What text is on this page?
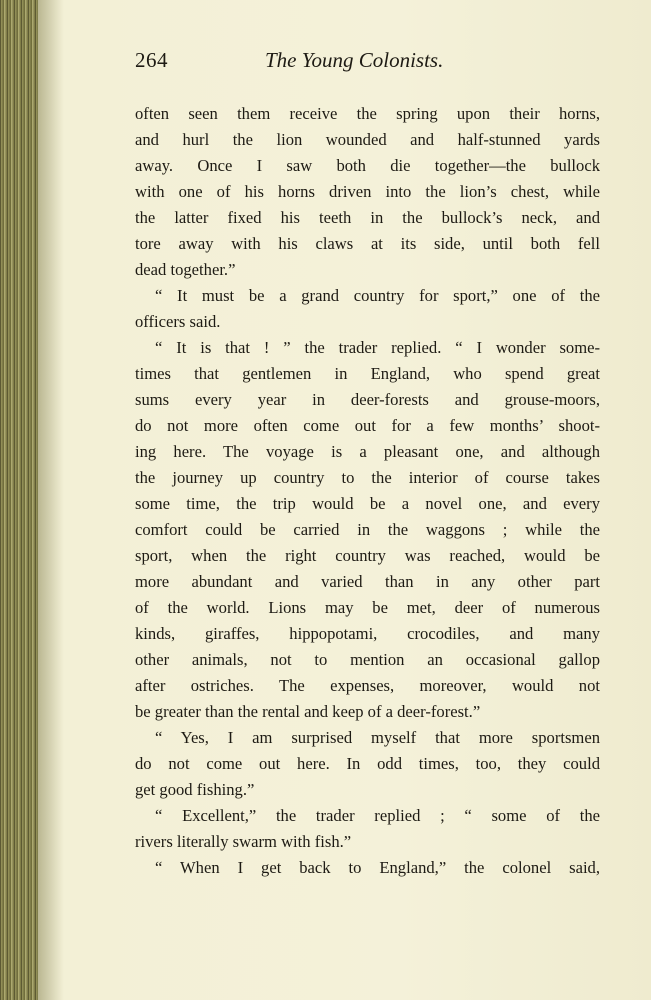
264	The Young Colonists.
often seen them receive the spring upon their horns,
and hurl the lion wounded and half-stunned yards
away. Once I saw both die together—the bullock
with one of his horns driven into the lion’s chest, while
the latter fixed his teeth in the bullock’s neck, and
tore away with his claws at its side, until both fell
dead together.”
“ It must be a grand country for sport,” one of the
officers said.
“ It is that ! ” the trader replied. “ I wonder some-
times that gentlemen in England, who spend great
sums every year in deer-forests and grouse-moors,
do not more often come out for a few months’ shoot-
ing here. The voyage is a pleasant one, and although
the journey up country to the interior of course takes
some time, the trip would be a novel one, and every
comfort could be carried in the waggons ; while the
sport, when the right country was reached, would be
more abundant and varied than in any other part
of the world. Lions may be met, deer of numerous
kinds, giraffes, hippopotami, crocodiles, and many
other animals, not to mention an occasional gallop
after ostriches. The expenses, moreover, would not
be greater than the rental and keep of a deer-forest.”
“ Yes, I am surprised myself that more sportsmen
do not come out here. In odd times, too, they could
get good fishing.”
“ Excellent,” the trader replied ; “ some of the
rivers literally swarm with fish.”
“ When I get back to England,” the colonel said,
